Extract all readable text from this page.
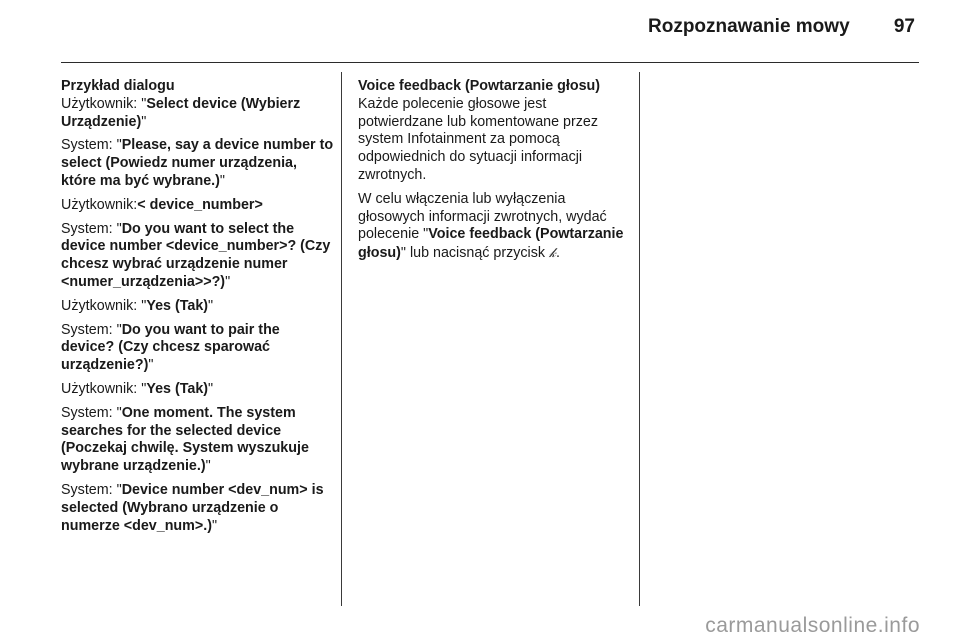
Rozpoznawanie mowy 97
Przykład dialogu

Użytkownik: "Select device (Wybierz Urządzenie)"

System: "Please, say a device number to select (Powiedz numer urządzenia, które ma być wybrane.)"

Użytkownik:< device_number>

System: "Do you want to select the device number <device_number>? (Czy chcesz wybrać urządzenie numer <numer_urządzenia>>?)"

Użytkownik: "Yes (Tak)"

System: "Do you want to pair the device? (Czy chcesz sparować urządzenie?)"

Użytkownik: "Yes (Tak)"

System: "One moment. The system searches for the selected device (Poczekaj chwilę. System wyszukuje wybrane urządzenie.)"

System: "Device number <dev_num> is selected (Wybrano urządzenie o numerze <dev_num>.)"

Voice feedback (Powtarzanie głosu)

Każde polecenie głosowe jest potwierdzane lub komentowane przez system Infotainment za pomocą odpowiednich do sytuacji informacji zwrotnych.

W celu włączenia lub wyłączenia głosowych informacji zwrotnych, wydać polecenie "Voice feedback (Powtarzanie głosu)" lub nacisnąć przycisk 𝓀.

carmanualsonline.info
